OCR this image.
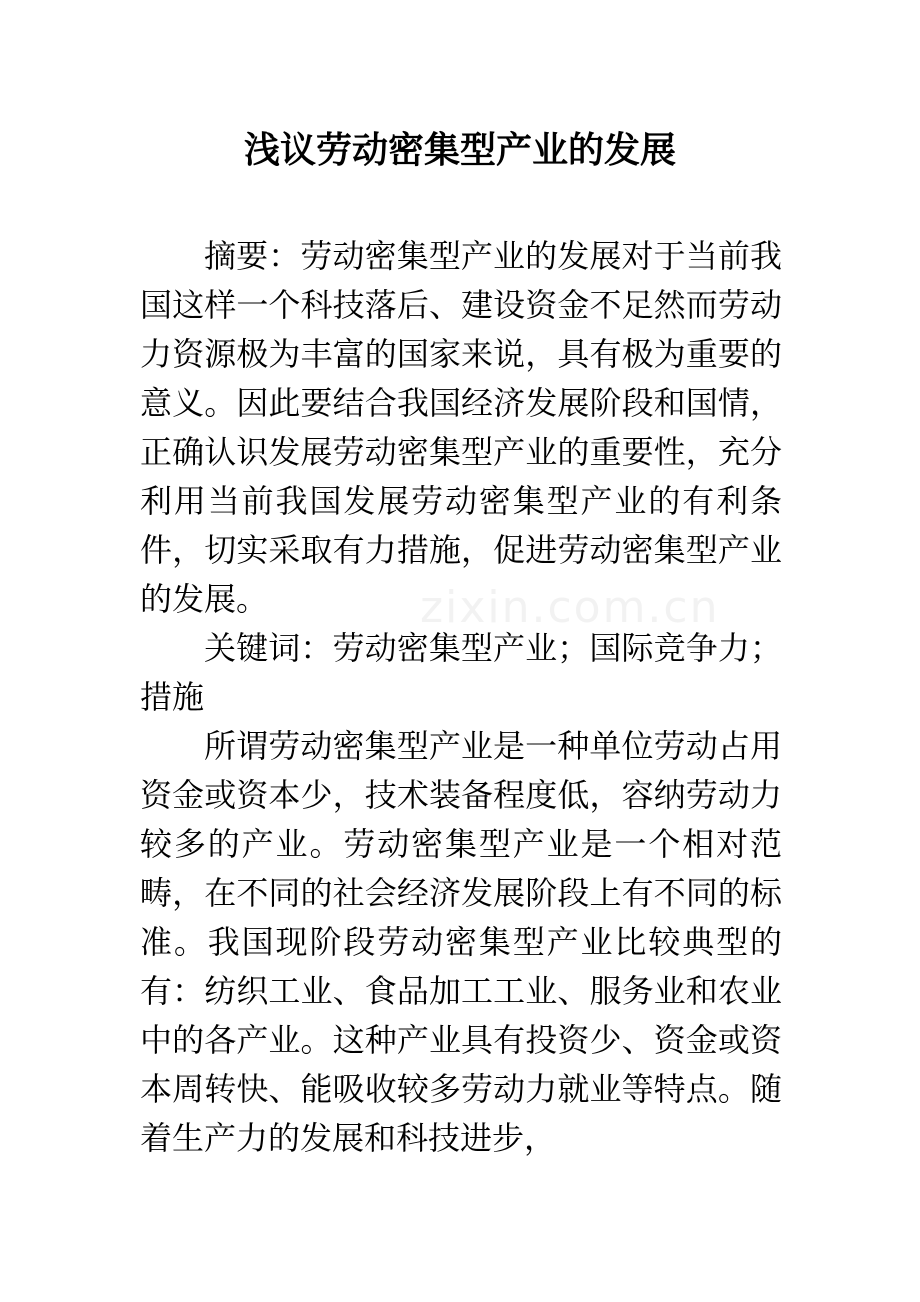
浅议劳动密集型产业的发展

摘要：劳动密集型产业的发展对于当前我国这样一个科技落后、建设资金不足然而劳动力资源极为丰富的国家来说，具有极为重要的意义。因此要结合我国经济发展阶段和国情，正确认识发展劳动密集型产业的重要性，充分利用当前我国发展劳动密集型产业的有利条件，切实采取有力措施，促进劳动密集型产业的发展。

关键词：劳动密集型产业；国际竞争力；措施

所谓劳动密集型产业是一种单位劳动占用资金或资本少，技术装备程度低，容纳劳动力较多的产业。劳动密集型产业是一个相对范畴，在不同的社会经济发展阶段上有不同的标准。我国现阶段劳动密集型产业比较典型的有：纺织工业、食品加工工业、服务业和农业中的各产业。这种产业具有投资少、资金或资本周转快、能吸收较多劳动力就业等特点。随着生产力的发展和科技进步，

zixin.com.cn
